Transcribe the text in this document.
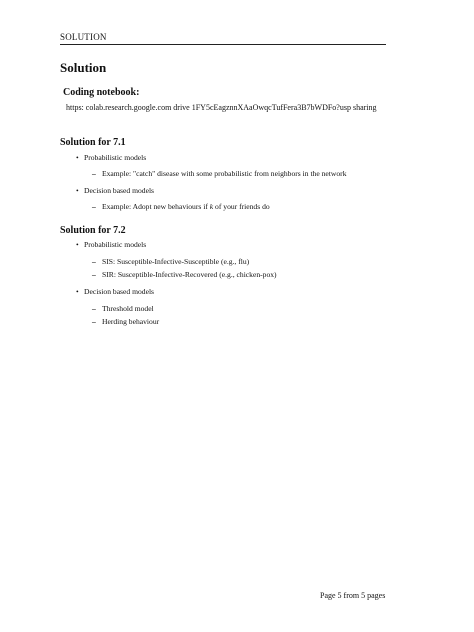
SOLUTION
Solution
Coding notebook:
https: colab.research.google.com drive 1FY5cEagznnXAaOwqcTufFera3B7bWDFo?usp sharing
Solution for 7.1
• Probabilistic models
– Example: "catch" disease with some probabilistic from neighbors in the network
• Decision based models
– Example: Adopt new behaviours if k of your friends do
Solution for 7.2
• Probabilistic models
– SIS: Susceptible-Infective-Susceptible (e.g., flu)
– SIR: Susceptible-Infective-Recovered (e.g., chicken-pox)
• Decision based models
– Threshold model
– Herding behaviour
Page 5 from 5 pages
